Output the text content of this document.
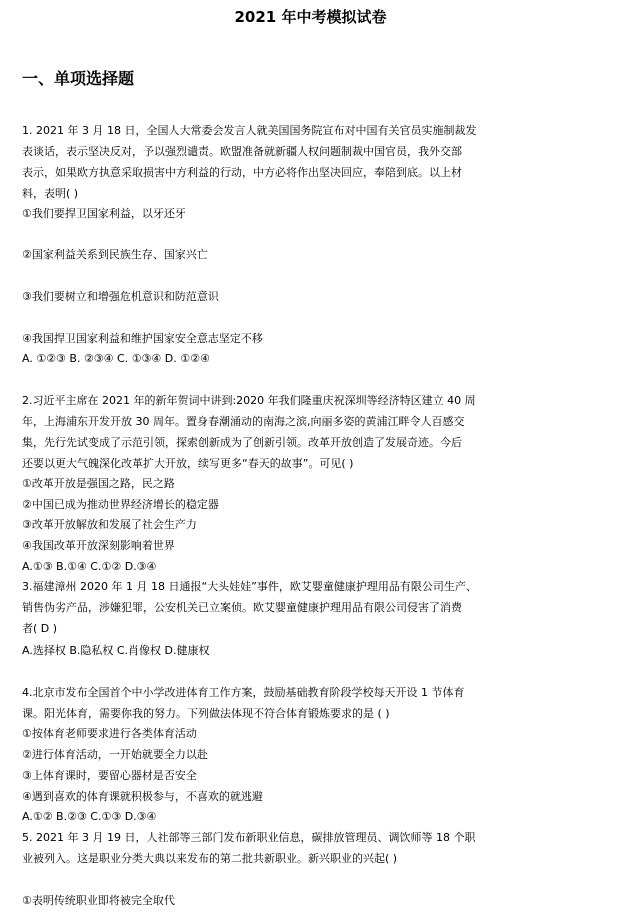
2021 年中考模拟试卷
一、单项选择题
1. 2021 年 3 月 18 日，全国人大常委会发言人就美国国务院宣布对中国有关官员实施制裁发
表谈话，表示坚决反对，予以强烈谴责。欧盟准备就新疆人权问题制裁中国官员，我外交部
表示，如果欧方执意采取损害中方利益的行动，中方必将作出坚决回应，奉陪到底。以上材
料，表明( )
①我们要捍卫国家利益，以牙还牙
②国家利益关系到民族生存、国家兴亡
③我们要树立和增强危机意识和防范意识
④我国捍卫国家利益和维护国家安全意志坚定不移
A. ①②③ B. ②③④ C. ①③④ D. ①②④
2.习近平主席在 2021 年的新年贺词中讲到:2020 年我们隆重庆祝深圳等经济特区建立 40 周
年，上海浦东开发开放 30 周年。置身春潮涌动的南海之滨,向丽多姿的黄浦江畔令人百感交
集，先行先试变成了示范引领，探索创新成为了创新引领。改革开放创造了发展奇迹。今后
还要以更大气魄深化改革扩大开放，续写更多“春天的故事”。可见( )
①改革开放是强国之路，民之路
②中国已成为推动世界经济增长的稳定器
③改革开放解放和发展了社会生产力
④我国改革开放深刻影响着世界
A.①③ B.①④ C.①② D.③④
3.福建漳州 2020 年 1 月 18 日通报“大头娃娃”事件，欧艾婴童健康护理用品有限公司生产、
销售伪劣产品，涉嫌犯罪，公安机关已立案侦。欧艾婴童健康护理用品有限公司侵害了消费
者( D )
A.选择权 B.隐私权 C.肖像权 D.健康权
4.北京市发布全国首个中小学改进体育工作方案，鼓励基础教育阶段学校每天开设 1 节体育
课。阳光体育，需要你我的努力。下列做法体现不符合体育锻炼要求的是 ( )
①按体育老师要求进行各类体育活动
②进行体育活动，一开始就要全力以赴
③上体育课时，要留心器材是否安全
④遇到喜欢的体育课就积极参与，不喜欢的就逃避
A.①② B.②③ C.①③ D.③④
5. 2021 年 3 月 19 日，人社部等三部门发布新职业信息，碳排放管理员、调饮师等 18 个职
业被列入。这是职业分类大典以来发布的第二批共新职业。新兴职业的兴起( )
①表明传统职业即将被完全取代
